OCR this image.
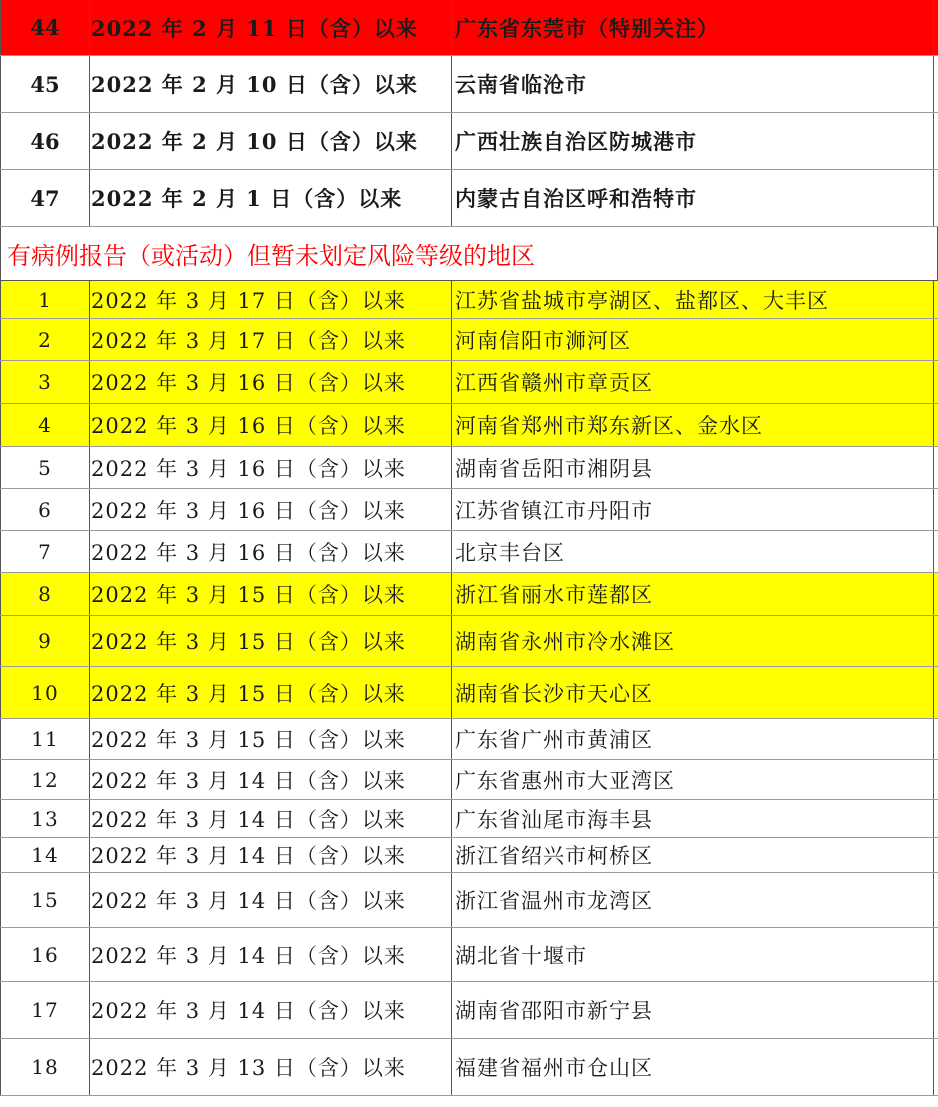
44	2022 年 2 月 11 日（含）以来	广东省东莞市（特别关注）
45	2022 年 2 月 10 日（含）以来	云南省临沧市
46	2022 年 2 月 10 日（含）以来	广西壮族自治区防城港市
47	2022 年 2 月 1 日（含）以来	内蒙古自治区呼和浩特市
有病例报告（或活动）但暂未划定风险等级的地区
1	2022 年 3 月 17 日（含）以来	江苏省盐城市亭湖区、盐都区、大丰区
2	2022 年 3 月 17 日（含）以来	河南信阳市浉河区
3	2022 年 3 月 16 日（含）以来	江西省赣州市章贡区
4	2022 年 3 月 16 日（含）以来	河南省郑州市郑东新区、金水区
5	2022 年 3 月 16 日（含）以来	湖南省岳阳市湘阴县
6	2022 年 3 月 16 日（含）以来	江苏省镇江市丹阳市
7	2022 年 3 月 16 日（含）以来	北京丰台区
8	2022 年 3 月 15 日（含）以来	浙江省丽水市莲都区
9	2022 年 3 月 15 日（含）以来	湖南省永州市冷水滩区
10	2022 年 3 月 15 日（含）以来	湖南省长沙市天心区
11	2022 年 3 月 15 日（含）以来	广东省广州市黄浦区
12	2022 年 3 月 14 日（含）以来	广东省惠州市大亚湾区
13	2022 年 3 月 14 日（含）以来	广东省汕尾市海丰县
14	2022 年 3 月 14 日（含）以来	浙江省绍兴市柯桥区
15	2022 年 3 月 14 日（含）以来	浙江省温州市龙湾区
16	2022 年 3 月 14 日（含）以来	湖北省十堰市
17	2022 年 3 月 14 日（含）以来	湖南省邵阳市新宁县
18	2022 年 3 月 13 日（含）以来	福建省福州市仓山区
